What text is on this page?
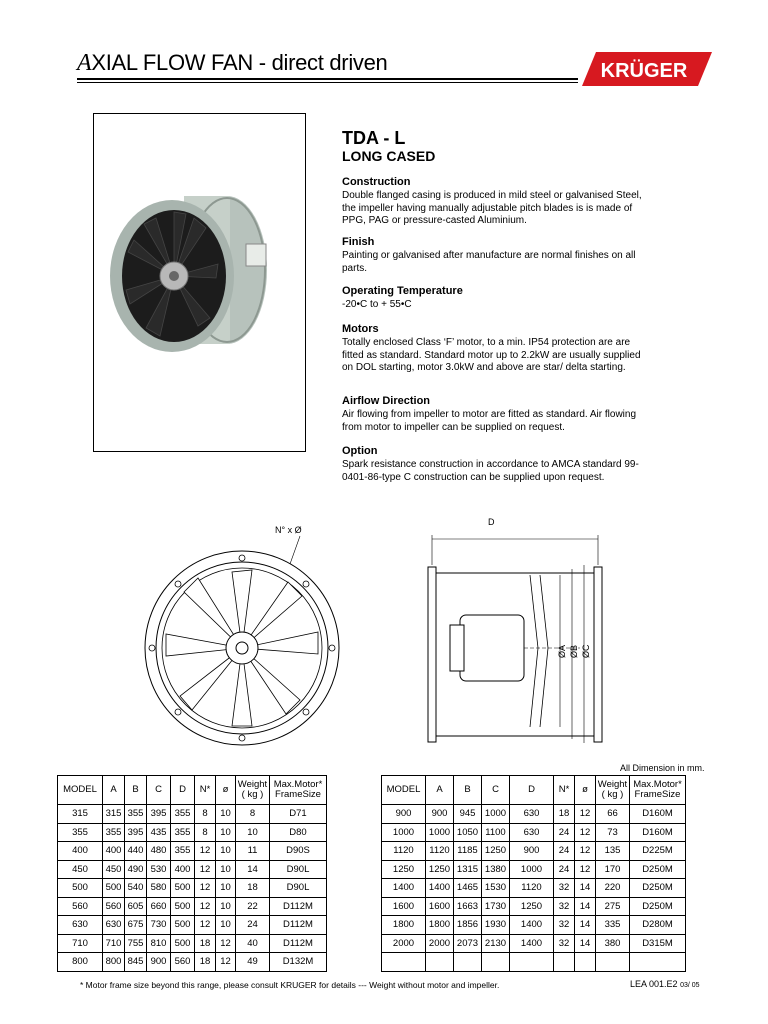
AXIAL FLOW FAN - direct driven	KRÜGER
TDA - L
LONG CASED
Construction

Double flanged casing is produced in mild steel or galvanised Steel, the impeller having manually adjustable pitch blades is is made of PPG, PAG or pressure-casted Aluminium.

Finish

Painting or galvanised after manufacture are normal finishes on all parts.

Operating Temperature

-20•C to + 55•C

Motors

Totally enclosed Class ‘F’ motor, to a min. IP54 protection are are fitted as standard. Standard motor up to 2.2kW are usually supplied on DOL starting, motor 3.0kW and above are star/ delta starting.

Airflow Direction

Air flowing from impeller to motor are fitted as standard. Air flowing from motor to impeller can be supplied on request.

Option

Spark resistance construction in accordance to AMCA standard 99-0401-86-type C construction can be supplied upon request.

N° x Ø
D
ØA ØB ØC
All Dimension in mm.
MODEL	A	B	C	D	N*	ø	Weight ( kg )	Max.Motor* FrameSize
315	315	355	395	355	8	10	8	D71
355	355	395	435	355	8	10	10	D80
400	400	440	480	355	12	10	11	D90S
450	450	490	530	400	12	10	14	D90L
500	500	540	580	500	12	10	18	D90L
560	560	605	660	500	12	10	22	D112M
630	630	675	730	500	12	10	24	D112M
710	710	755	810	500	18	12	40	D112M
800	800	845	900	560	18	12	49	D132M
MODEL	A	B	C	D	N*	ø	Weight ( kg )	Max.Motor* FrameSize
900	900	945	1000	630	18	12	66	D160M
1000	1000	1050	1100	630	24	12	73	D160M
1120	1120	1185	1250	900	24	12	135	D225M
1250	1250	1315	1380	1000	24	12	170	D250M
1400	1400	1465	1530	1120	32	14	220	D250M
1600	1600	1663	1730	1250	32	14	275	D250M
1800	1800	1856	1930	1400	32	14	335	D280M
2000	2000	2073	2130	1400	32	14	380	D315M

* Motor frame size beyond this range, please consult KRUGER for details --- Weight without motor and impeller.	LEA 001.E2 03/ 05
